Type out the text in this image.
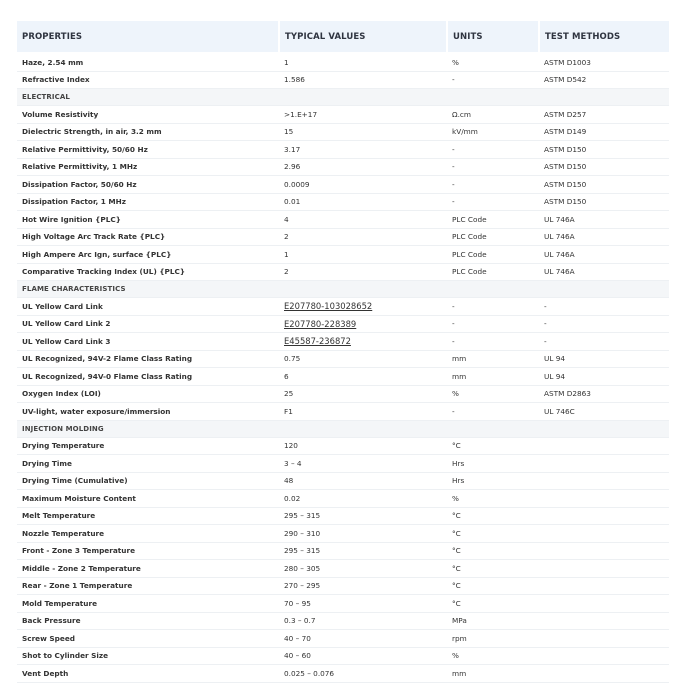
PROPERTIES	TYPICAL VALUES	UNITS	TEST METHODS

Haze, 2.54 mm	1	%	ASTM D1003
Refractive Index	1.586	-	ASTM D542
ELECTRICAL			
Volume Resistivity	>1.E+17	Ω.cm	ASTM D257
Dielectric Strength, in air, 3.2 mm	15	kV/mm	ASTM D149
Relative Permittivity, 50/60 Hz	3.17	-	ASTM D150
Relative Permittivity, 1 MHz	2.96	-	ASTM D150
Dissipation Factor, 50/60 Hz	0.0009	-	ASTM D150
Dissipation Factor, 1 MHz	0.01	-	ASTM D150
Hot Wire Ignition {PLC}	4	PLC Code	UL 746A
High Voltage Arc Track Rate {PLC}	2	PLC Code	UL 746A
High Ampere Arc Ign, surface {PLC}	1	PLC Code	UL 746A
Comparative Tracking Index (UL) {PLC}	2	PLC Code	UL 746A
FLAME CHARACTERISTICS			
UL Yellow Card Link	E207780-103028652	-	-
UL Yellow Card Link 2	E207780-228389	-	-
UL Yellow Card Link 3	E45587-236872	-	-
UL Recognized, 94V-2 Flame Class Rating	0.75	mm	UL 94
UL Recognized, 94V-0 Flame Class Rating	6	mm	UL 94
Oxygen Index (LOI)	25	%	ASTM D2863
UV-light, water exposure/immersion	F1	-	UL 746C
INJECTION MOLDING			
Drying Temperature	120	°C	
Drying Time	3 – 4	Hrs	
Drying Time (Cumulative)	48	Hrs	
Maximum Moisture Content	0.02	%	
Melt Temperature	295 – 315	°C	
Nozzle Temperature	290 – 310	°C	
Front - Zone 3 Temperature	295 – 315	°C	
Middle - Zone 2 Temperature	280 – 305	°C	
Rear - Zone 1 Temperature	270 – 295	°C	
Mold Temperature	70 – 95	°C	
Back Pressure	0.3 – 0.7	MPa	
Screw Speed	40 – 70	rpm	
Shot to Cylinder Size	40 – 60	%	
Vent Depth	0.025 – 0.076	mm	
